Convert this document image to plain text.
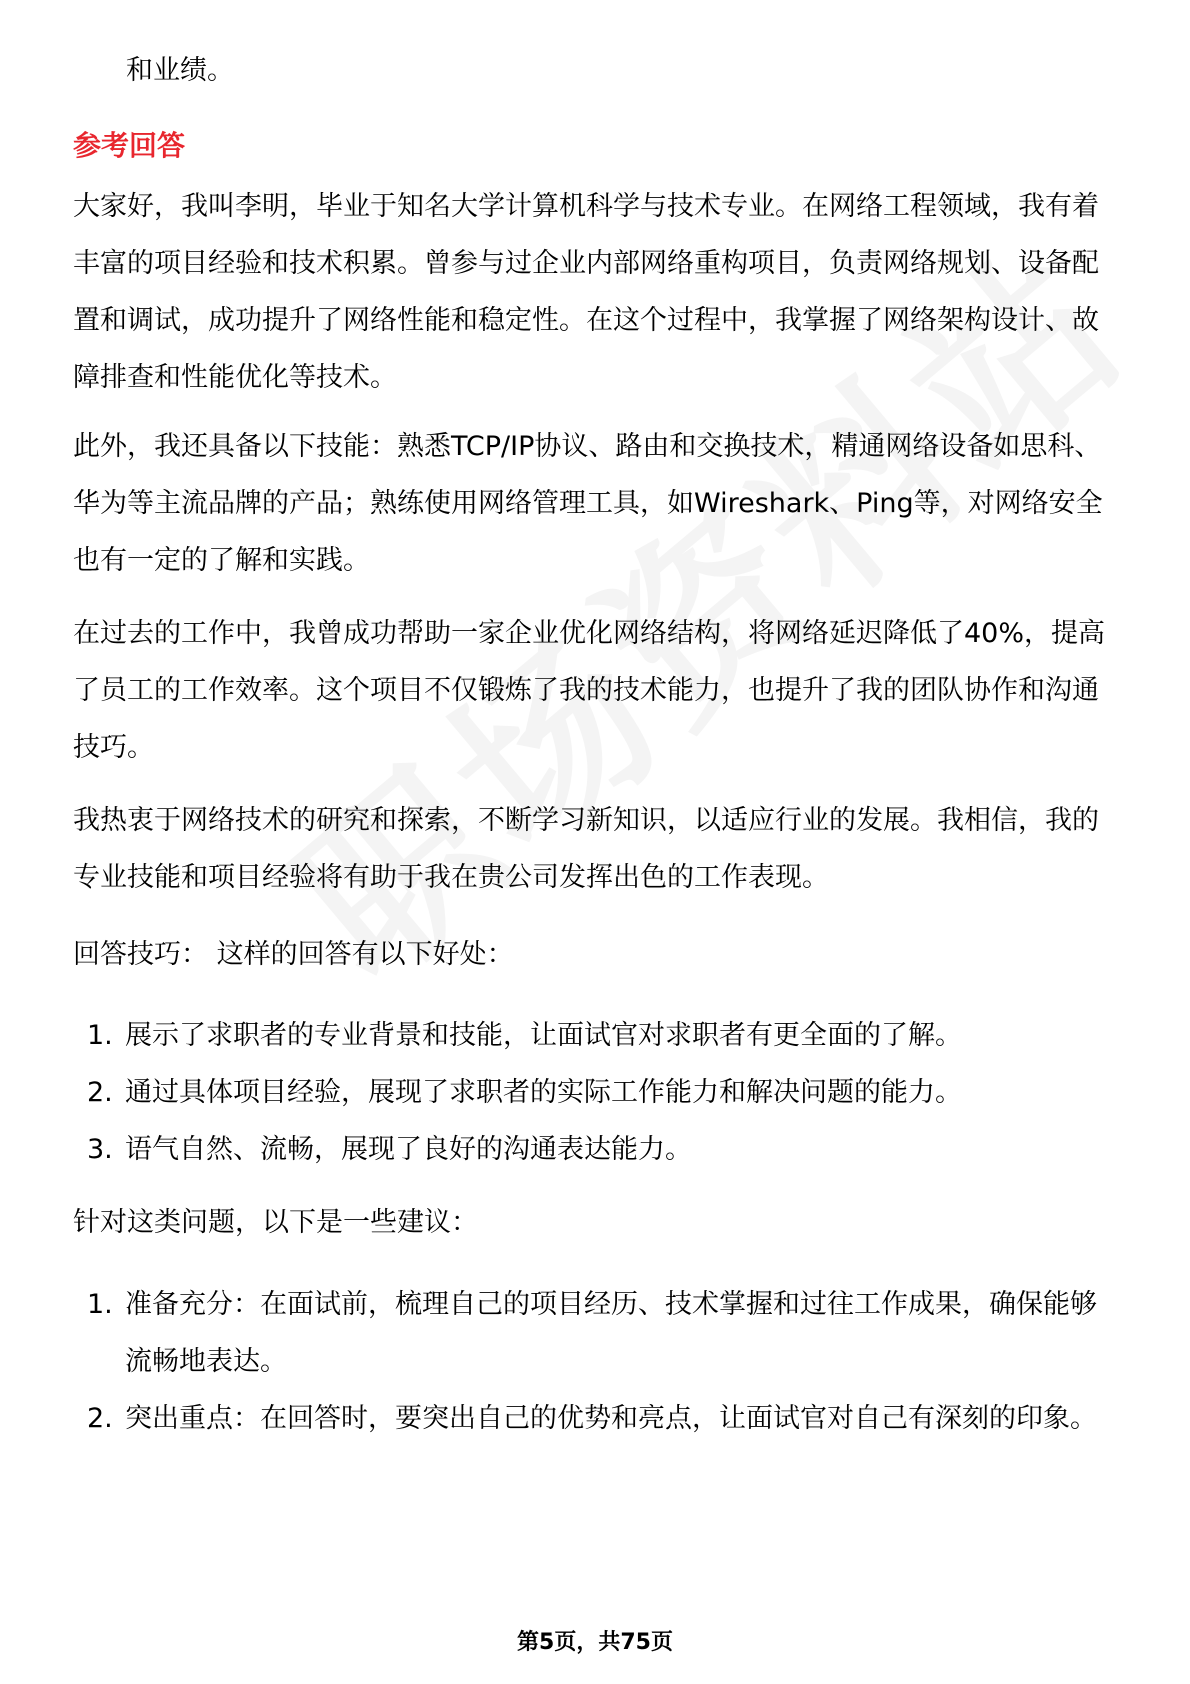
和业绩。

参考回答

大家好，我叫李明，毕业于知名大学计算机科学与技术专业。在网络工程领域，我有着丰富的项目经验和技术积累。曾参与过企业内部网络重构项目，负责网络规划、设备配置和调试，成功提升了网络性能和稳定性。在这个过程中，我掌握了网络架构设计、故障排查和性能优化等技术。

此外，我还具备以下技能：熟悉TCP/IP协议、路由和交换技术，精通网络设备如思科、华为等主流品牌的产品；熟练使用网络管理工具，如Wireshark、Ping等，对网络安全也有一定的了解和实践。

在过去的工作中，我曾成功帮助一家企业优化网络结构，将网络延迟降低了40%，提高了员工的工作效率。这个项目不仅锻炼了我的技术能力，也提升了我的团队协作和沟通技巧。

我热衷于网络技术的研究和探索，不断学习新知识，以适应行业的发展。我相信，我的专业技能和项目经验将有助于我在贵公司发挥出色的工作表现。

回答技巧： 这样的回答有以下好处：

1. 展示了求职者的专业背景和技能，让面试官对求职者有更全面的了解。
2. 通过具体项目经验，展现了求职者的实际工作能力和解决问题的能力。
3. 语气自然、流畅，展现了良好的沟通表达能力。

针对这类问题，以下是一些建议：

1. 准备充分：在面试前，梳理自己的项目经历、技术掌握和过往工作成果，确保能够流畅地表达。
2. 突出重点：在回答时，要突出自己的优势和亮点，让面试官对自己有深刻的印象。
第5页，共75页
